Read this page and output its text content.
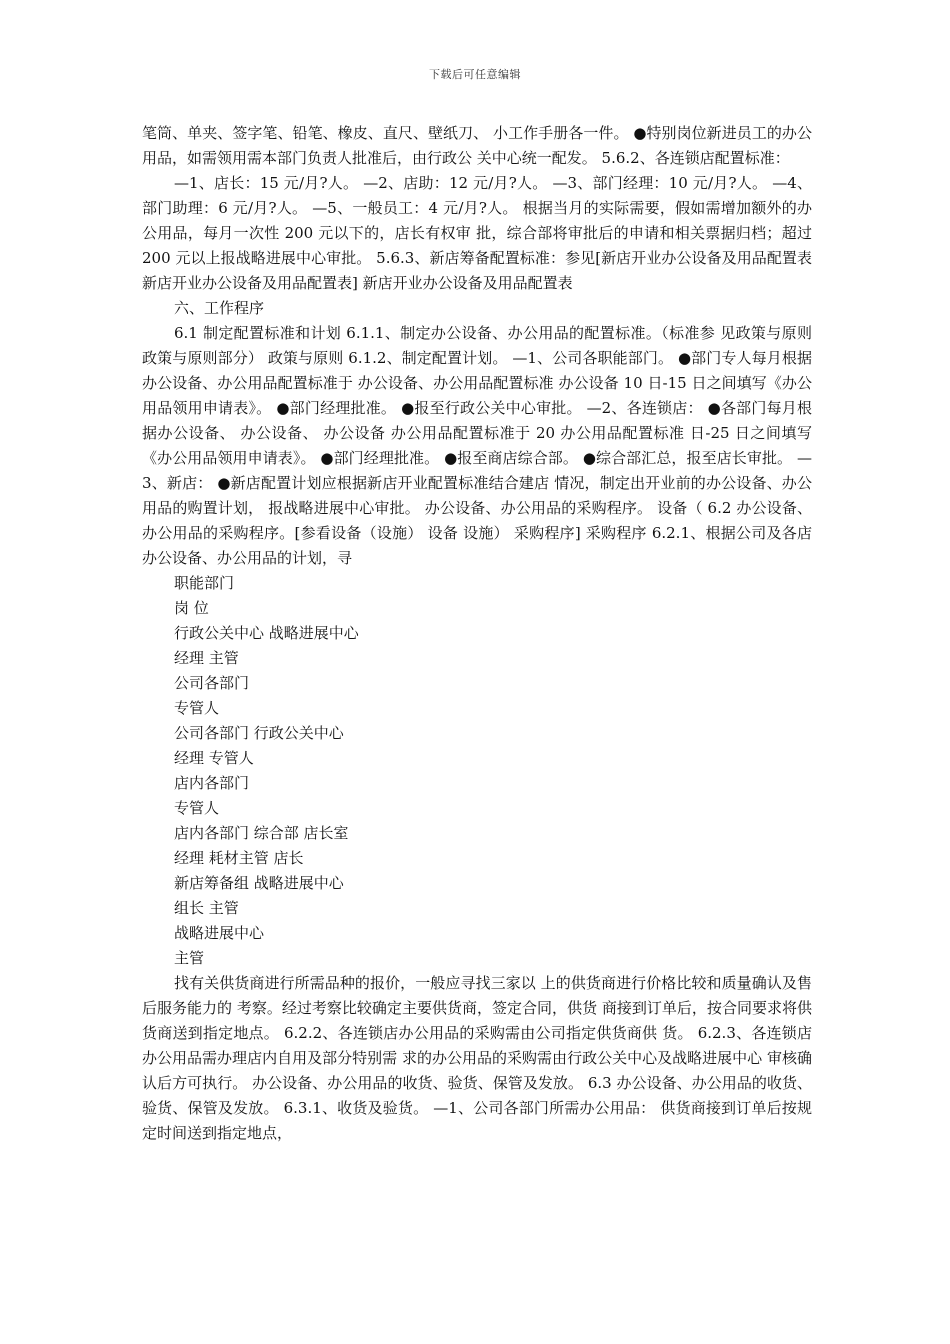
下载后可任意编辑

笔筒、单夹、签字笔、铅笔、橡皮、直尺、壁纸刀、 小工作手册各一件。 ●特别岗位新进员工的办公用品，如需领用需本部门负责人批准后，由行政公 关中心统一配发。 5.6.2、各连锁店配置标准：

—1、店长：15 元/月?人。 —2、店助：12 元/月?人。 —3、部门经理：10 元/月?人。 —4、部门助理：6 元/月?人。 —5、一般员工：4 元/月?人。 根据当月的实际需要，假如需增加额外的办公用品，每月一次性 200 元以下的，店长有权审 批，综合部将审批后的申请和相关票据归档；超过 200 元以上报战略进展中心审批。 5.6.3、新店筹备配置标准：参见[新店开业办公设备及用品配置表 新店开业办公设备及用品配置表] 新店开业办公设备及用品配置表

六、工作程序

6.1 制定配置标准和计划 6.1.1、制定办公设备、办公用品的配置标准。（标准参 见政策与原则 政策与原则部分） 政策与原则 6.1.2、制定配置计划。 —1、公司各职能部门。 ●部门专人每月根据办公设备、办公用品配置标准于 办公设备、办公用品配置标准 办公设备 10 日-15 日之间填写《办公用品领用申请表》。 ●部门经理批准。 ●报至行政公关中心审批。 —2、各连锁店： ●各部门每月根据办公设备、 办公设备、 办公设备 办公用品配置标准于 20 办公用品配置标准 日-25 日之间填写《办公用品领用申请表》。 ●部门经理批准。 ●报至商店综合部。 ●综合部汇总，报至店长审批。 —3、新店： ●新店配置计划应根据新店开业配置标准结合建店 情况，制定出开业前的办公设备、办公用品的购置计划， 报战略进展中心审批。 办公设备、办公用品的采购程序。 设备（ 6.2 办公设备、办公用品的采购程序。[参看设备（设施） 设备 设施） 采购程序] 采购程序 6.2.1、根据公司及各店办公设备、办公用品的计划，寻

职能部门
岗 位
行政公关中心 战略进展中心
经理 主管
公司各部门
专管人
公司各部门 行政公关中心
经理 专管人
店内各部门
专管人
店内各部门 综合部 店长室
经理 耗材主管 店长
新店筹备组 战略进展中心
组长 主管
战略进展中心
主管

找有关供货商进行所需品种的报价，一般应寻找三家以 上的供货商进行价格比较和质量确认及售后服务能力的 考察。经过考察比较确定主要供货商，签定合同，供货 商接到订单后，按合同要求将供货商送到指定地点。 6.2.2、各连锁店办公用品的采购需由公司指定供货商供 货。 6.2.3、各连锁店办公用品需办理店内自用及部分特别需 求的办公用品的采购需由行政公关中心及战略进展中心 审核确认后方可执行。 办公设备、办公用品的收货、验货、保管及发放。 6.3 办公设备、办公用品的收货、验货、保管及发放。 6.3.1、收货及验货。 —1、公司各部门所需办公用品： 供货商接到订单后按规定时间送到指定地点，
